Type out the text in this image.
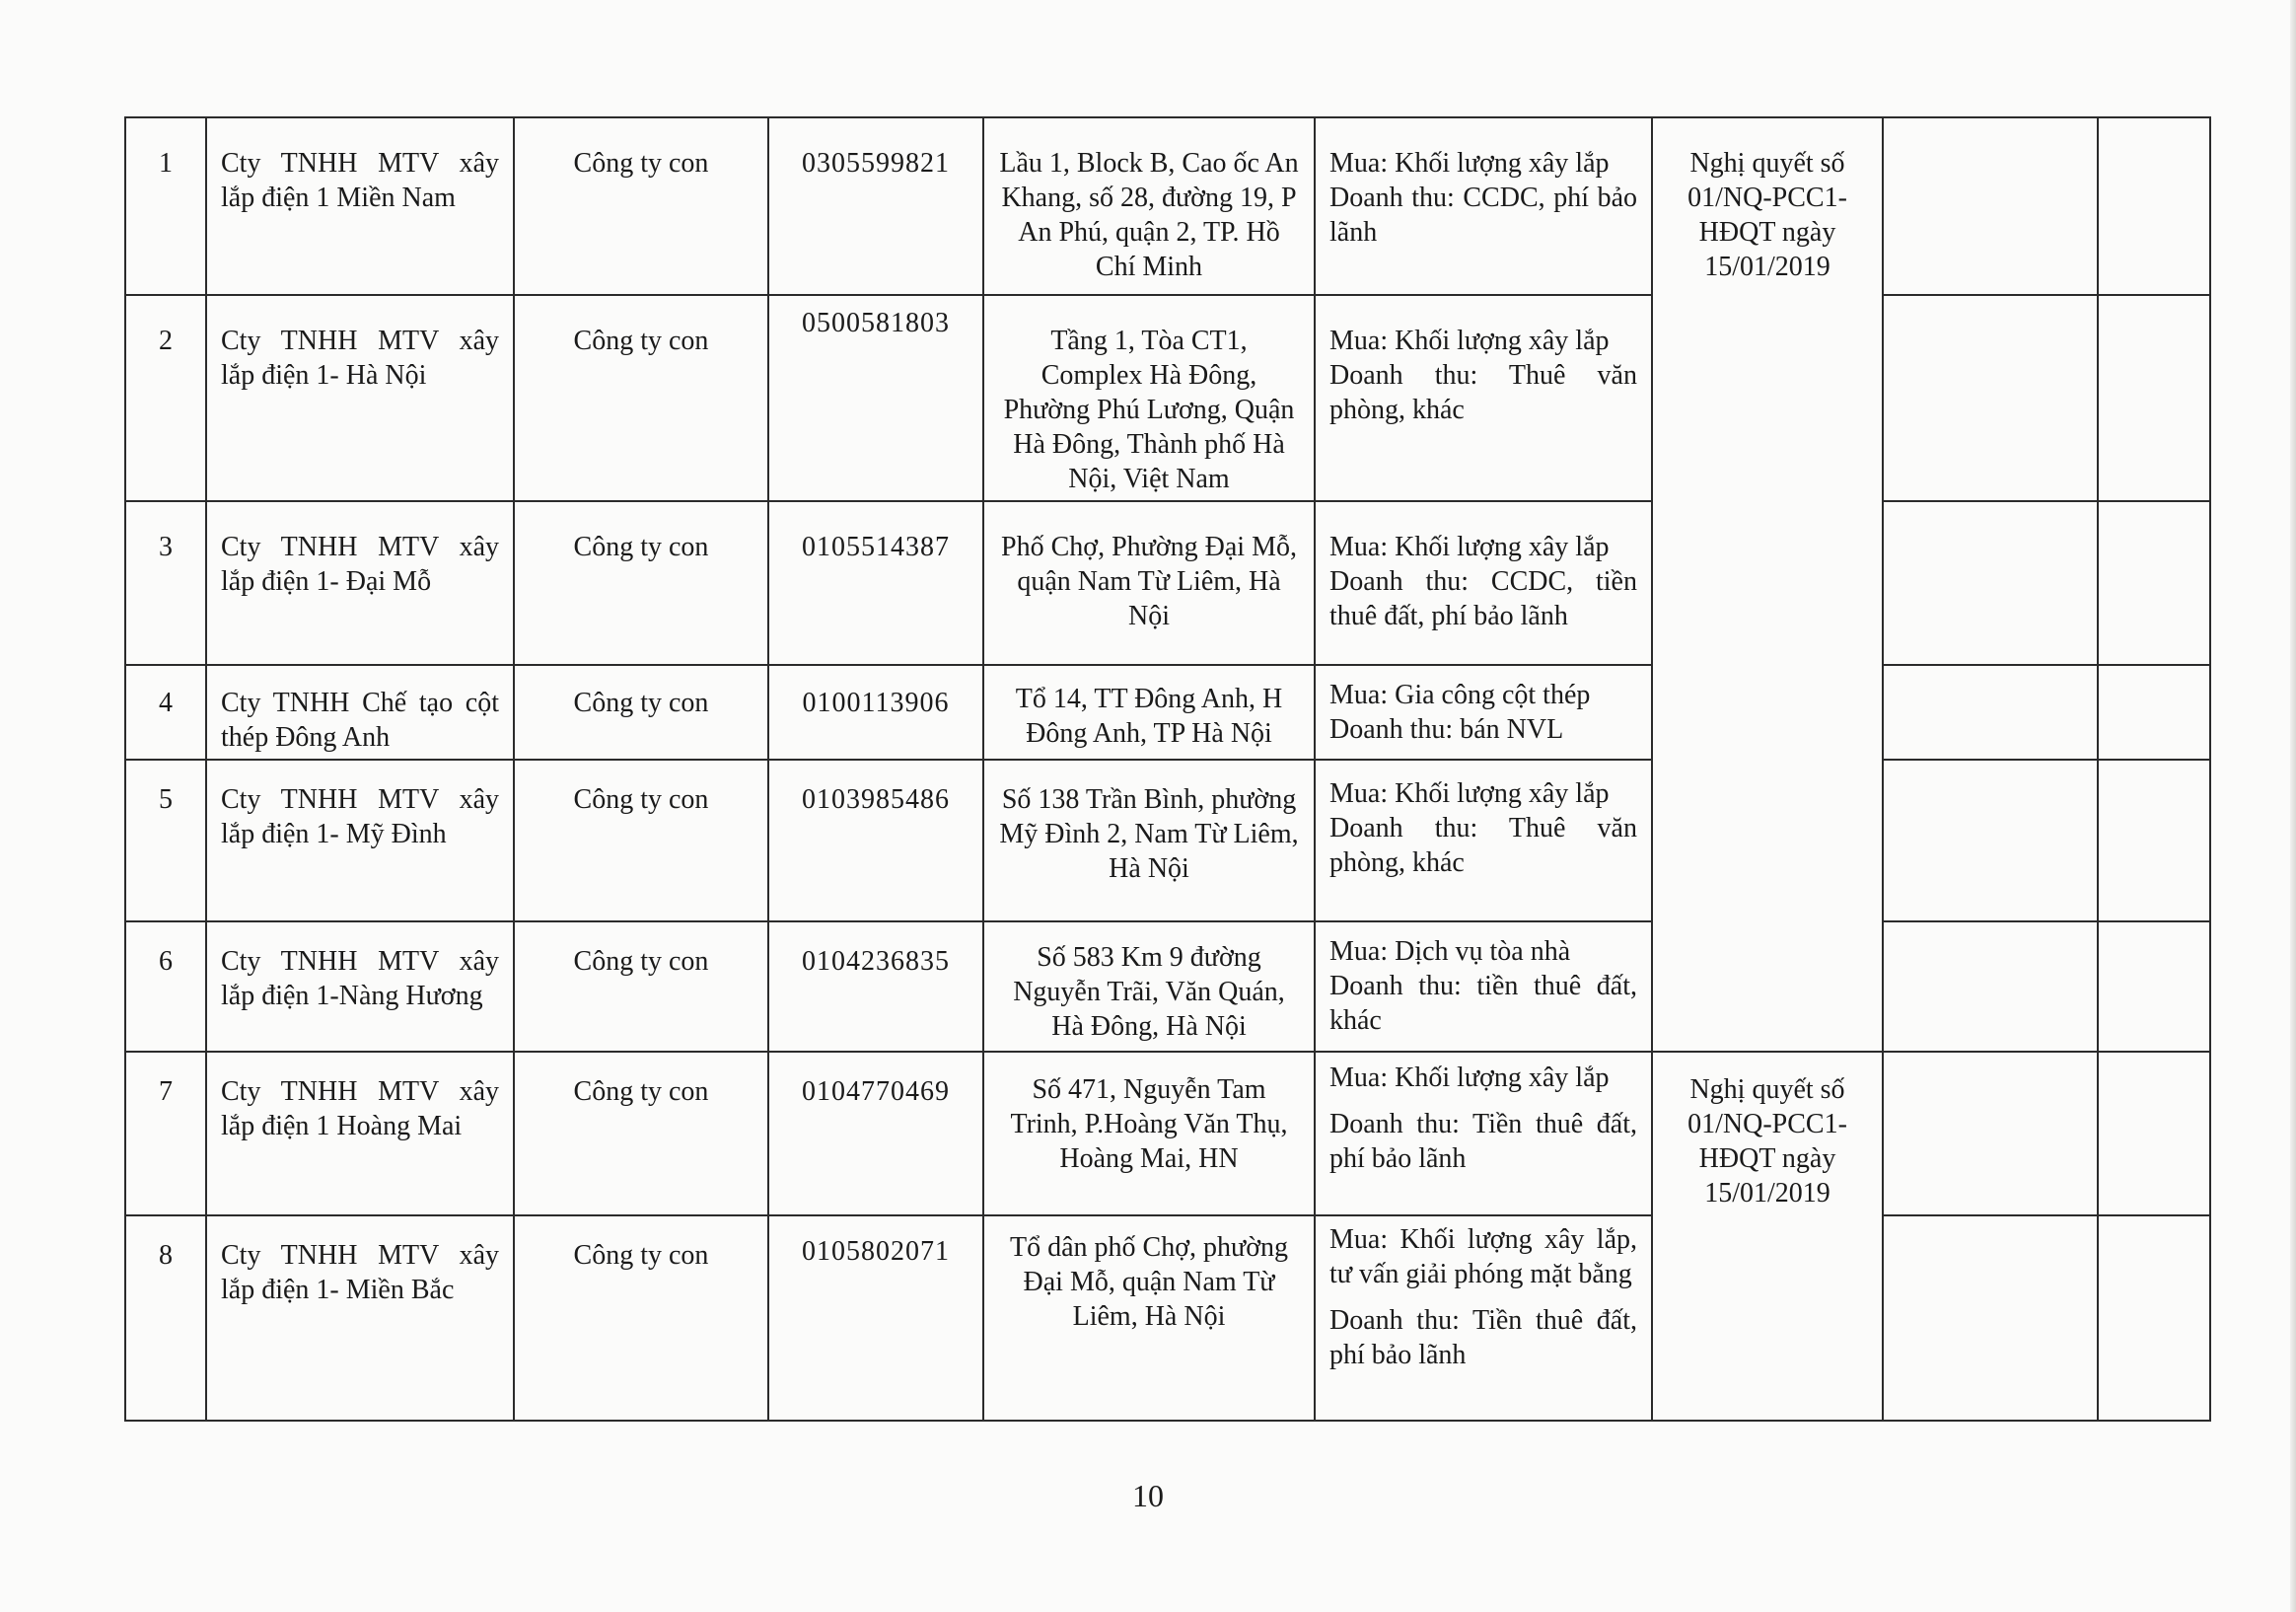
1	Cty TNHH MTV xây lắp điện 1 Miền Nam	Công ty con	0305599821	Lầu 1, Block B, Cao ốc An Khang, số 28, đường 19, P An Phú, quận 2, TP. Hồ Chí Minh	Mua: Khối lượng xây lắp
Doanh thu: CCDC, phí bảo lãnh	Nghị quyết số 01/NQ-PCC1-HĐQT ngày 15/01/2019		
2	Cty TNHH MTV xây lắp điện 1- Hà Nội	Công ty con	0500581803	Tầng 1, Tòa CT1, Complex Hà Đông, Phường Phú Lương, Quận Hà Đông, Thành phố Hà Nội, Việt Nam	Mua: Khối lượng xây lắp
Doanh thu: Thuê văn phòng, khác			

3	Cty TNHH MTV xây lắp điện 1- Đại Mỗ	Công ty con	0105514387	Phố Chợ, Phường Đại Mỗ, quận Nam Từ Liêm, Hà Nội	Mua: Khối lượng xây lắp
Doanh thu: CCDC, tiền thuê đất, phí bảo lãnh			

4	Cty TNHH Chế tạo cột thép Đông Anh	Công ty con	0100113906	Tổ 14, TT Đông Anh, H Đông Anh, TP Hà Nội	Mua: Gia công cột thép
Doanh thu: bán NVL			

5	Cty TNHH MTV xây lắp điện 1- Mỹ Đình	Công ty con	0103985486	Số 138 Trần Bình, phường Mỹ Đình 2, Nam Từ Liêm, Hà Nội	Mua: Khối lượng xây lắp
Doanh thu: Thuê văn phòng, khác			

6	Cty TNHH MTV xây lắp điện 1-Nàng Hương	Công ty con	0104236835	Số 583 Km 9 đường Nguyễn Trãi, Văn Quán, Hà Đông, Hà Nội	Mua: Dịch vụ tòa nhà
Doanh thu: tiền thuê đất, khác			

7	Cty TNHH MTV xây lắp điện 1 Hoàng Mai	Công ty con	0104770469	Số 471, Nguyễn Tam Trinh, P.Hoàng Văn Thụ, Hoàng Mai, HN	Mua: Khối lượng xây lắp
Doanh thu: Tiền thuê đất, phí bảo lãnh	Nghị quyết số 01/NQ-PCC1-HĐQT ngày 15/01/2019		
8	Cty TNHH MTV xây lắp điện 1- Miền Bắc	Công ty con	0105802071	Tổ dân phố Chợ, phường Đại Mỗ, quận Nam Từ Liêm, Hà Nội	Mua: Khối lượng xây lắp, tư vấn giải phóng mặt bằng
Doanh thu: Tiền thuê đất, phí bảo lãnh			

10
